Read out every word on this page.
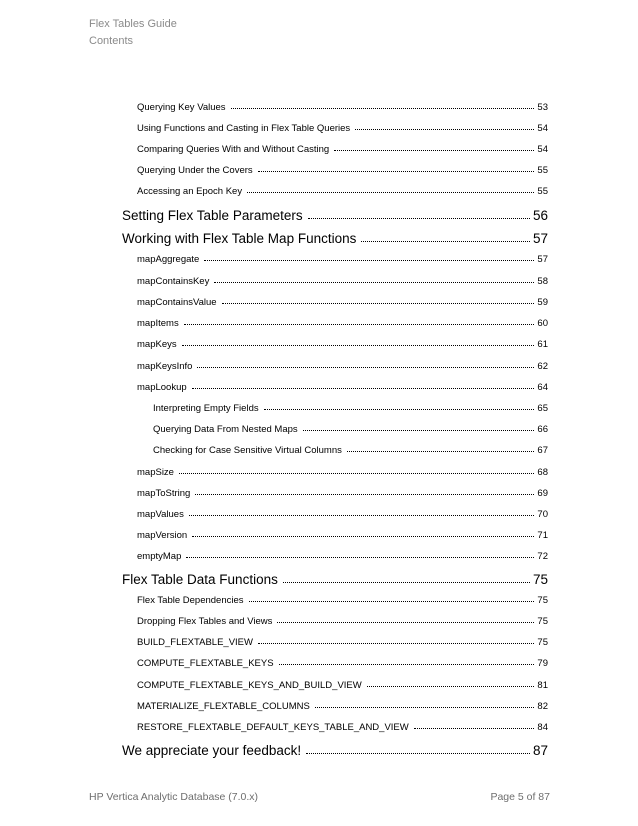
Flex Tables Guide
Contents
Querying Key Values	53
Using Functions and Casting in Flex Table Queries	54
Comparing Queries With and Without Casting	54
Querying Under the Covers	55
Accessing an Epoch Key	55
Setting Flex Table Parameters	56
Working with Flex Table Map Functions	57
mapAggregate	57
mapContainsKey	58
mapContainsValue	59
mapItems	60
mapKeys	61
mapKeysInfo	62
mapLookup	64
Interpreting Empty Fields	65
Querying Data From Nested Maps	66
Checking for Case Sensitive Virtual Columns	67
mapSize	68
mapToString	69
mapValues	70
mapVersion	71
emptyMap	72
Flex Table Data Functions	75
Flex Table Dependencies	75
Dropping Flex Tables and Views	75
BUILD_FLEXTABLE_VIEW	75
COMPUTE_FLEXTABLE_KEYS	79
COMPUTE_FLEXTABLE_KEYS_AND_BUILD_VIEW	81
MATERIALIZE_FLEXTABLE_COLUMNS	82
RESTORE_FLEXTABLE_DEFAULT_KEYS_TABLE_AND_VIEW	84
We appreciate your feedback!	87
HP Vertica Analytic Database (7.0.x)	Page 5 of 87
